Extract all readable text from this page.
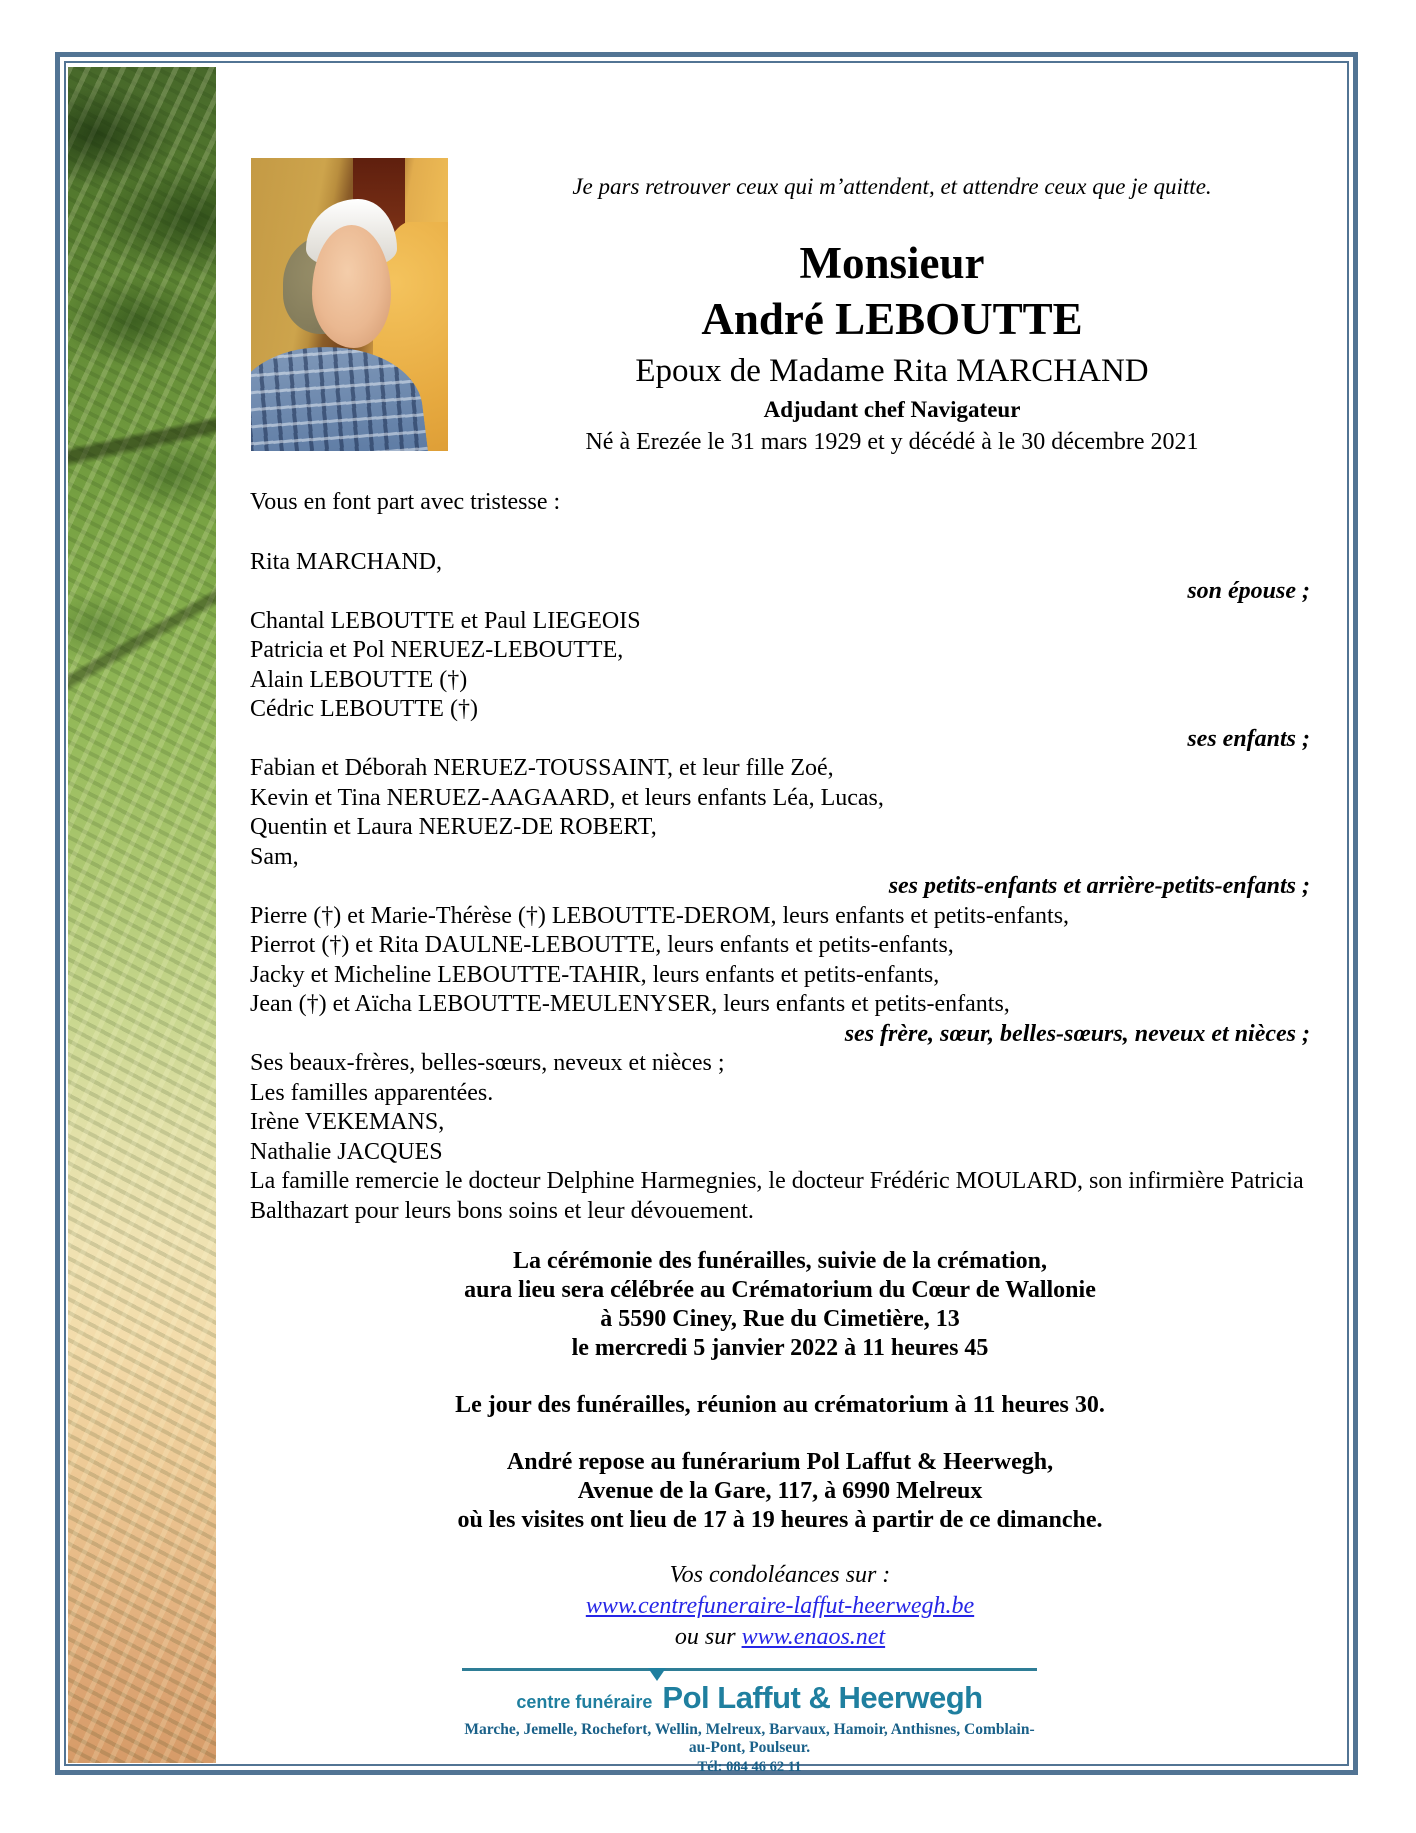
Je pars retrouver ceux qui m’attendent, et attendre ceux que je quitte.
Monsieur
André LEBOUTTE
Epoux de Madame Rita MARCHAND
Adjudant chef Navigateur
Né à Erezée le 31 mars 1929 et y décédé à le 30 décembre 2021

Vous en font part avec tristesse :

Rita MARCHAND,

son épouse ;

Chantal LEBOUTTE et Paul LIEGEOIS

Patricia et Pol NERUEZ-LEBOUTTE,

Alain LEBOUTTE (†)

Cédric LEBOUTTE (†)

ses enfants ;

Fabian et Déborah NERUEZ-TOUSSAINT, et leur fille Zoé,

Kevin et Tina NERUEZ-AAGAARD, et leurs enfants Léa, Lucas,

Quentin et Laura NERUEZ-DE ROBERT,

Sam,

ses petits-enfants et arrière-petits-enfants ;

Pierre (†) et Marie-Thérèse (†) LEBOUTTE-DEROM, leurs enfants et petits-enfants,

Pierrot (†) et Rita DAULNE-LEBOUTTE, leurs enfants et petits-enfants,

Jacky et Micheline LEBOUTTE-TAHIR, leurs enfants et petits-enfants,

Jean (†) et Aïcha LEBOUTTE-MEULENYSER, leurs enfants et petits-enfants,

ses frère, sœur, belles-sœurs, neveux et nièces ;

Ses beaux-frères, belles-sœurs, neveux et nièces ;

Les familles apparentées.

Irène VEKEMANS,

Nathalie JACQUES

La famille remercie le docteur Delphine Harmegnies, le docteur Frédéric MOULARD, son infirmière Patricia Balthazart pour leurs bons soins et leur dévouement.

La cérémonie des funérailles, suivie de la crémation,

aura lieu sera célébrée au Crématorium du Cœur de Wallonie

à 5590 Ciney, Rue du Cimetière, 13

le mercredi 5 janvier 2022 à 11 heures 45

Le jour des funérailles, réunion au crématorium à 11 heures 30.

André repose au funérarium Pol Laffut & Heerwegh,

Avenue de la Gare, 117, à 6990 Melreux

où les visites ont lieu de 17 à 19 heures à partir de ce dimanche.

Vos condoléances sur :

www.centrefuneraire-laffut-heerwegh.be

ou sur www.enaos.net

centre funéraire Pol Laffut & Heerwegh
Marche, Jemelle, Rochefort, Wellin, Melreux, Barvaux, Hamoir, Anthisnes, Comblain-au-Pont, Poulseur.
Tél: 084 46 62 11
